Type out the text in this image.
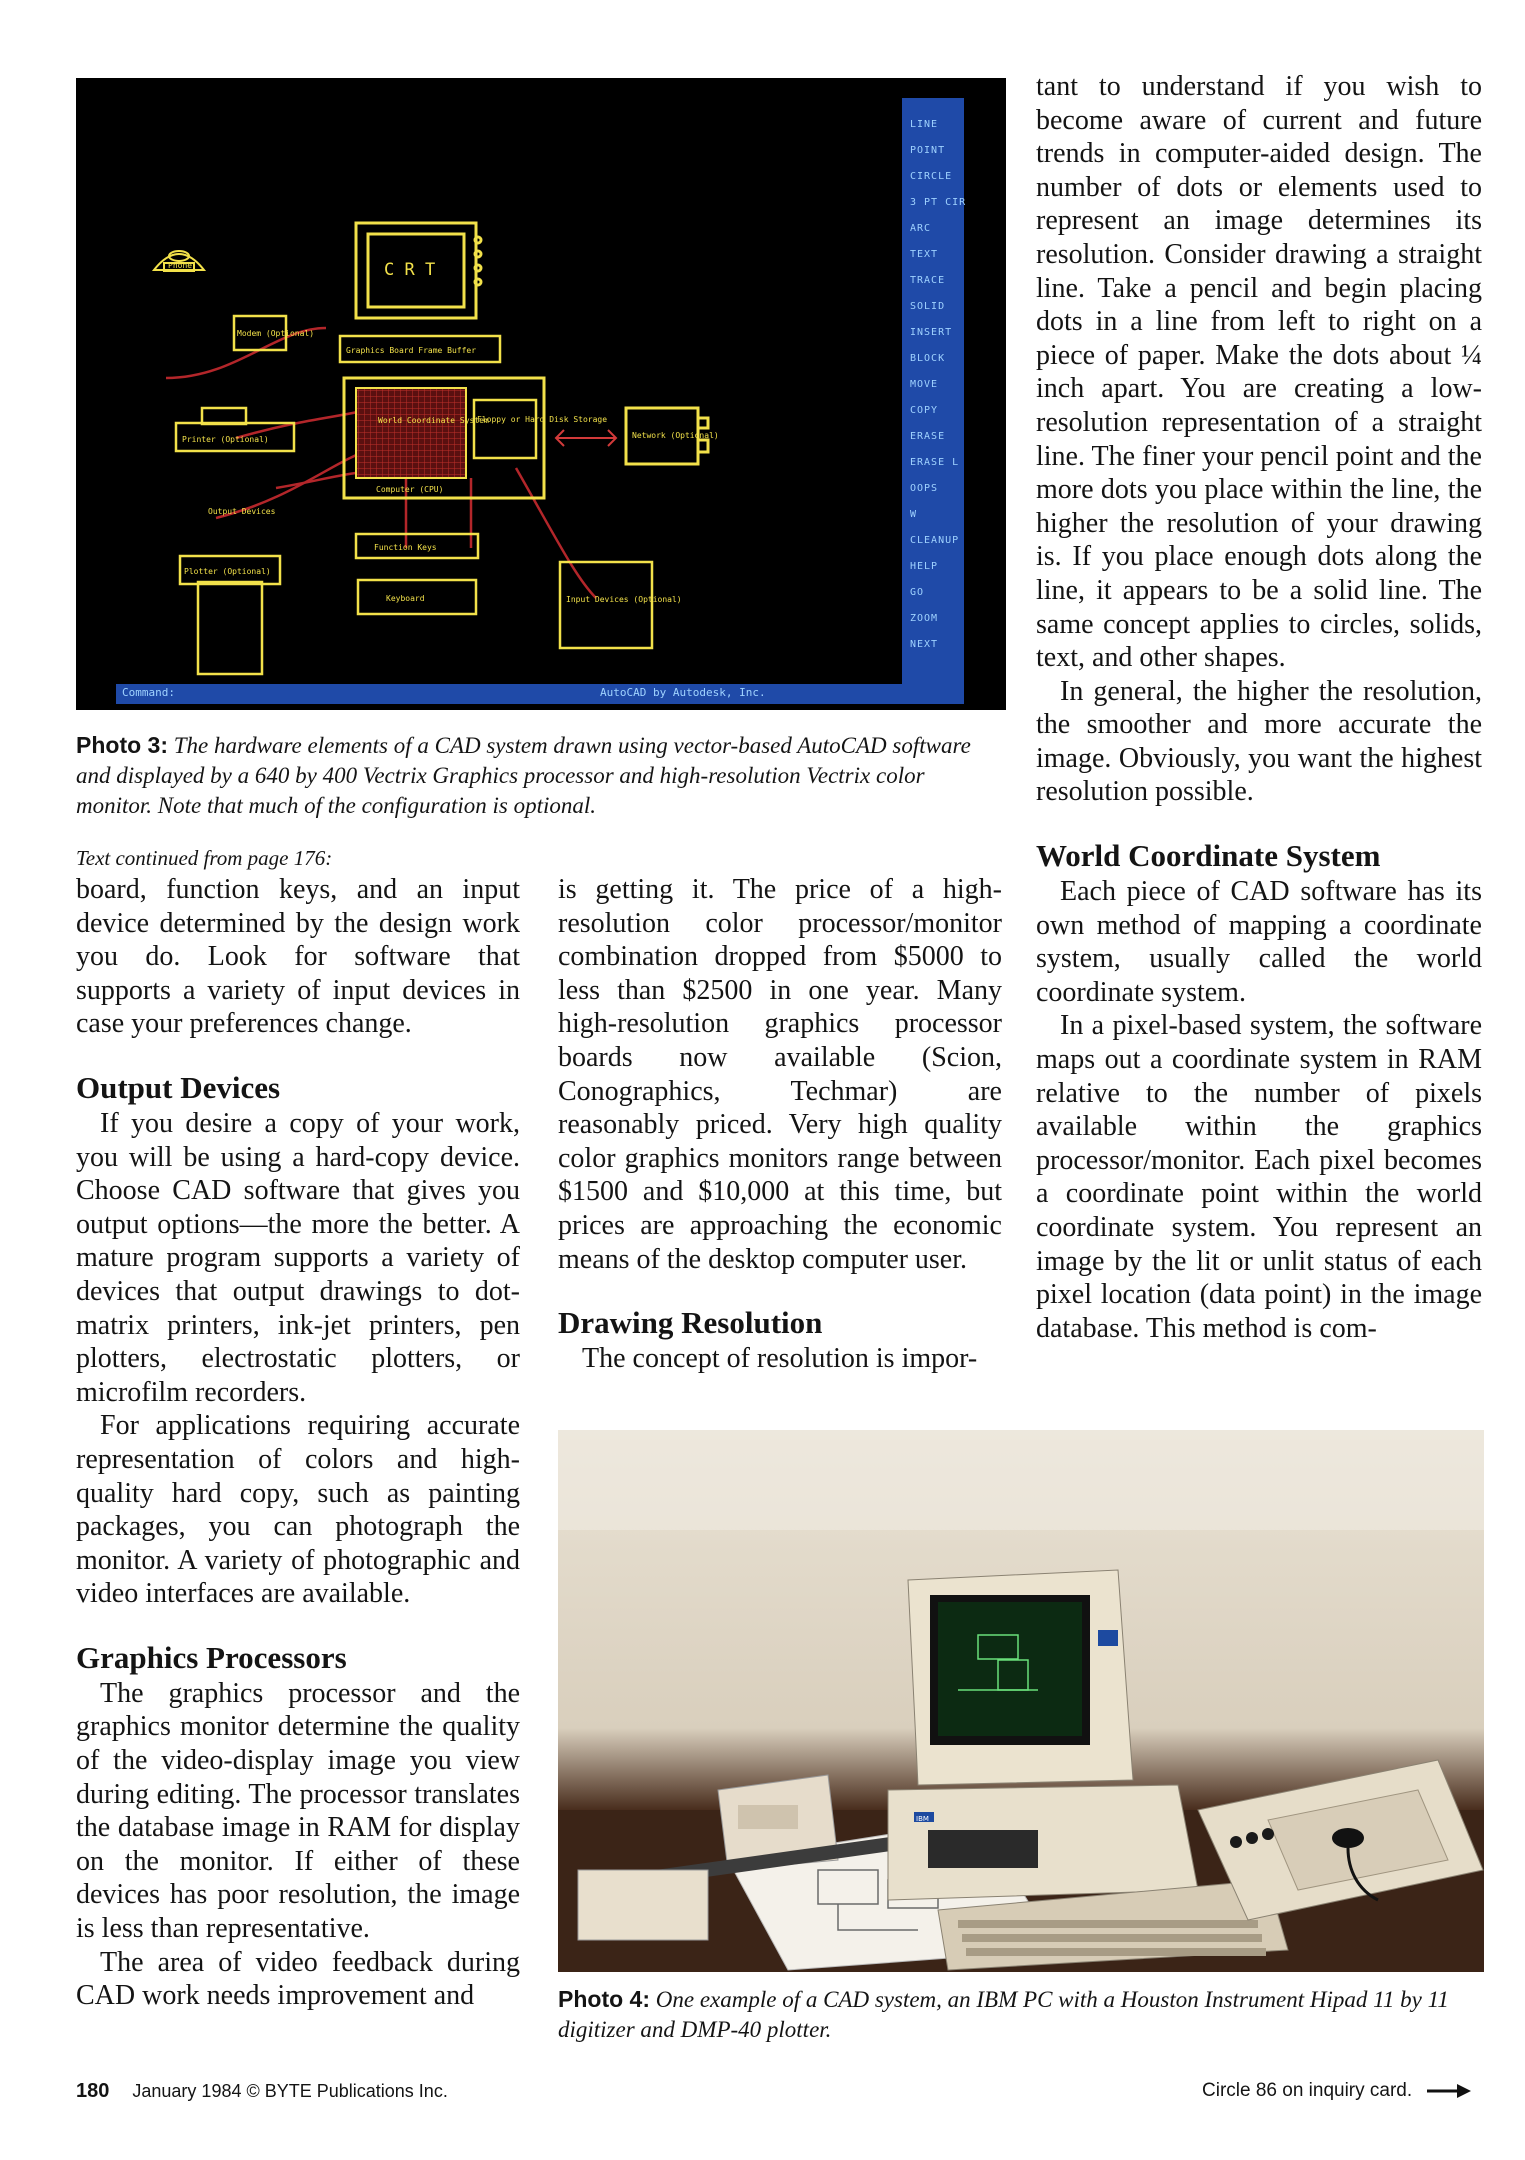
Phone	C R T
Modem (Optional)
Graphics Board Frame Buffer
World Coordinate System
Floppy or Hard Disk Storage
Computer (CPU)
Network (Optional)
Printer (Optional)
Output Devices
Plotter (Optional)
Function Keys
Keyboard	Input Devices (Optional)
LINE
POINT
CIRCLE
3 PT CIR
ARC
TEXT
TRACE
SOLID
INSERT
BLOCK
MOVE
COPY
ERASE
ERASE L
OOPS
W
CLEANUP
HELP
GO
ZOOM
NEXT
Command:	AutoCAD by Autodesk, Inc.
Photo 3: The hardware elements of a CAD system drawn using vector-based AutoCAD software and displayed by a 640 by 400 Vectrix Graphics processor and high-resolution Vectrix color monitor. Note that much of the configuration is optional.
Text continued from page 176:

board, function keys, and an input device determined by the design work you do. Look for software that supports a variety of input devices in case your preferences change.

Output Devices

If you desire a copy of your work, you will be using a hard-copy device. Choose CAD software that gives you output options—the more the better. A mature program supports a variety of devices that output drawings to dot-matrix printers, ink-jet printers, pen plotters, electrostatic plotters, or microfilm recorders.

For applications requiring accurate representation of colors and high-quality hard copy, such as painting packages, you can photograph the monitor. A variety of photographic and video interfaces are available.

Graphics Processors

The graphics processor and the graphics monitor determine the quality of the video-display image you view during editing. The processor translates the database image in RAM for display on the monitor. If either of these devices has poor resolution, the image is less than representative.

The area of video feedback during CAD work needs improvement and

is getting it. The price of a high-resolution color processor/monitor combination dropped from $5000 to less than $2500 in one year. Many high-resolution graphics processor boards now available (Scion, Conographics, Techmar) are reasonably priced. Very high quality color graphics monitors range between $1500 and $10,000 at this time, but prices are approaching the economic means of the desktop computer user.

Drawing Resolution

The concept of resolution is impor-

tant to understand if you wish to become aware of current and future trends in computer-aided design. The number of dots or elements used to represent an image determines its resolution. Consider drawing a straight line. Take a pencil and begin placing dots in a line from left to right on a piece of paper. Make the dots about ¼ inch apart. You are creating a low-resolution representation of a straight line. The finer your pencil point and the more dots you place within the line, the higher the resolution of your drawing is. If you place enough dots along the line, it appears to be a solid line. The same concept applies to circles, solids, text, and other shapes.

In general, the higher the resolution, the smoother and more accurate the image. Obviously, you want the highest resolution possible.

World Coordinate System

Each piece of CAD software has its own method of mapping a coordinate system, usually called the world coordinate system.

In a pixel-based system, the software maps out a coordinate system in RAM relative to the number of pixels available within the graphics processor/monitor. Each pixel becomes a coordinate point within the world coordinate system. You represent an image by the lit or unlit status of each pixel location (data point) in the image database. This method is com-

IBM
Photo 4: One example of a CAD system, an IBM PC with a Houston Instrument Hipad 11 by 11 digitizer and DMP-40 plotter.
180 January 1984 © BYTE Publications Inc.	Circle 86 on inquiry card.
